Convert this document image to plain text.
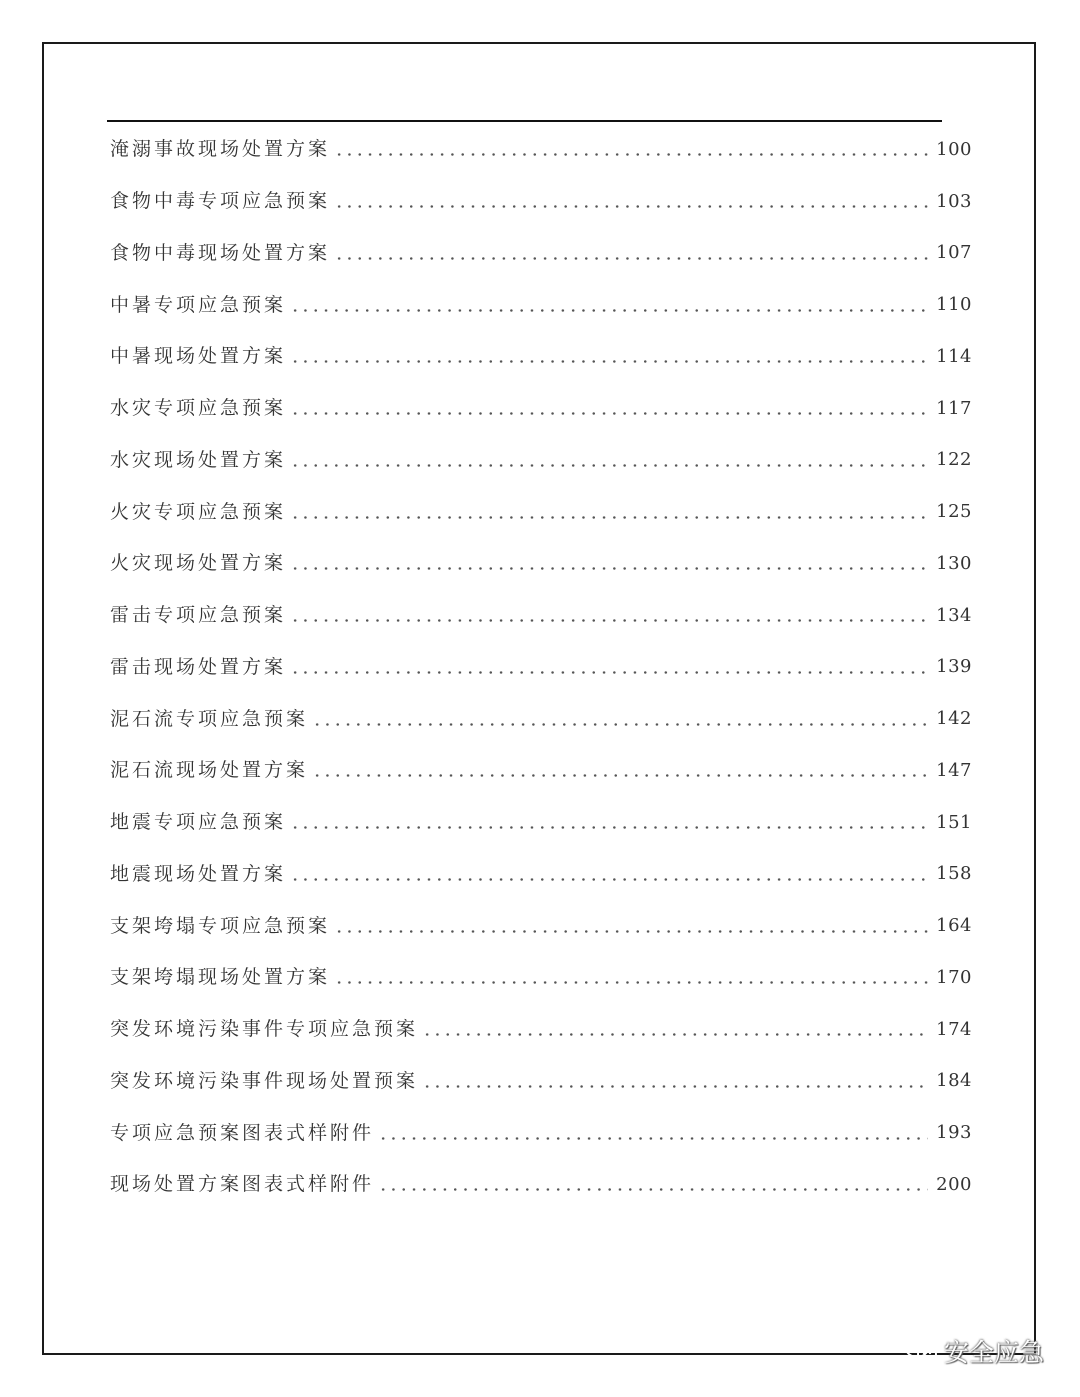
淹溺事故现场处置方案	100
食物中毒专项应急预案	103
食物中毒现场处置方案	107
中暑专项应急预案	110
中暑现场处置方案	114
水灾专项应急预案	117
水灾现场处置方案	122
火灾专项应急预案	125
火灾现场处置方案	130
雷击专项应急预案	134
雷击现场处置方案	139
泥石流专项应急预案	142
泥石流现场处置方案	147
地震专项应急预案	151
地震现场处置方案	158
支架垮塌专项应急预案	164
支架垮塌现场处置方案	170
突发环境污染事件专项应急预案	174
突发环境污染事件现场处置预案	184
专项应急预案图表式样附件	193
现场处置方案图表式样附件	200
安全应急
